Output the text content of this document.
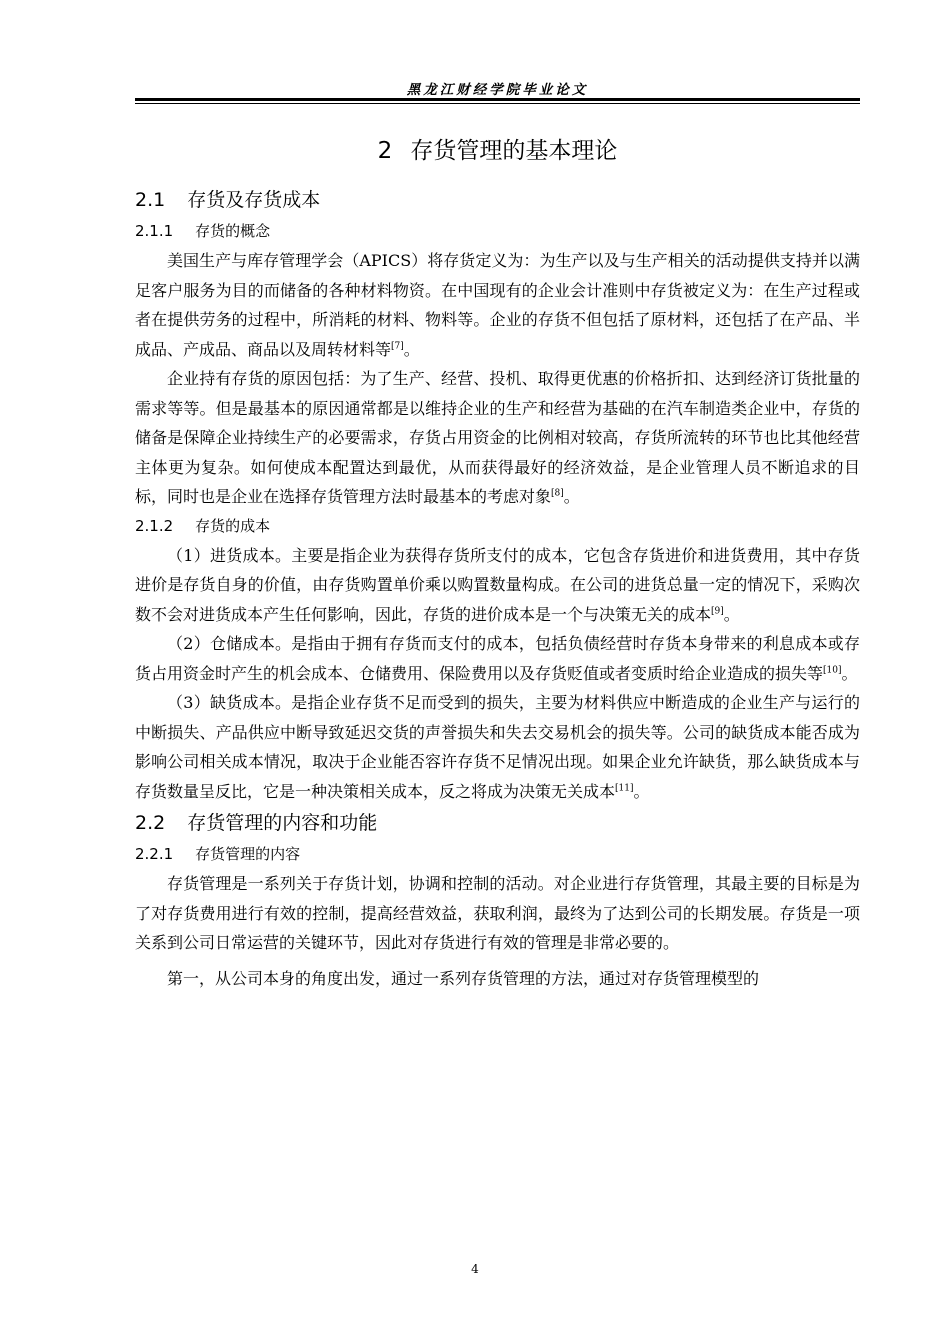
黑龙江财经学院毕业论文
2 存货管理的基本理论
2.1 存货及存货成本
2.1.1 存货的概念

美国生产与库存管理学会（APICS）将存货定义为：为生产以及与生产相关的活动提供支持并以满足客户服务为目的而储备的各种材料物资。在中国现有的企业会计准则中存货被定义为：在生产过程或者在提供劳务的过程中，所消耗的材料、物料等。企业的存货不但包括了原材料，还包括了在产品、半成品、产成品、商品以及周转材料等[7]。

企业持有存货的原因包括：为了生产、经营、投机、取得更优惠的价格折扣、达到经济订货批量的需求等等。但是最基本的原因通常都是以维持企业的生产和经营为基础的在汽车制造类企业中，存货的储备是保障企业持续生产的必要需求，存货占用资金的比例相对较高，存货所流转的环节也比其他经营主体更为复杂。如何使成本配置达到最优，从而获得最好的经济效益，是企业管理人员不断追求的目标，同时也是企业在选择存货管理方法时最基本的考虑对象[8]。

2.1.2 存货的成本

（1）进货成本。主要是指企业为获得存货所支付的成本，它包含存货进价和进货费用，其中存货进价是存货自身的价值，由存货购置单价乘以购置数量构成。在公司的进货总量一定的情况下，采购次数不会对进货成本产生任何影响，因此，存货的进价成本是一个与决策无关的成本[9]。

（2）仓储成本。是指由于拥有存货而支付的成本，包括负债经营时存货本身带来的利息成本或存货占用资金时产生的机会成本、仓储费用、保险费用以及存货贬值或者变质时给企业造成的损失等[10]。

（3）缺货成本。是指企业存货不足而受到的损失，主要为材料供应中断造成的企业生产与运行的中断损失、产品供应中断导致延迟交货的声誉损失和失去交易机会的损失等。公司的缺货成本能否成为影响公司相关成本情况，取决于企业能否容许存货不足情况出现。如果企业允许缺货，那么缺货成本与存货数量呈反比，它是一种决策相关成本，反之将成为决策无关成本[11]。

2.2 存货管理的内容和功能
2.2.1 存货管理的内容

存货管理是一系列关于存货计划，协调和控制的活动。对企业进行存货管理，其最主要的目标是为了对存货费用进行有效的控制，提高经营效益，获取利润，最终为了达到公司的长期发展。存货是一项关系到公司日常运营的关键环节，因此对存货进行有效的管理是非常必要的。

第一，从公司本身的角度出发，通过一系列存货管理的方法，通过对存货管理模型的

4
